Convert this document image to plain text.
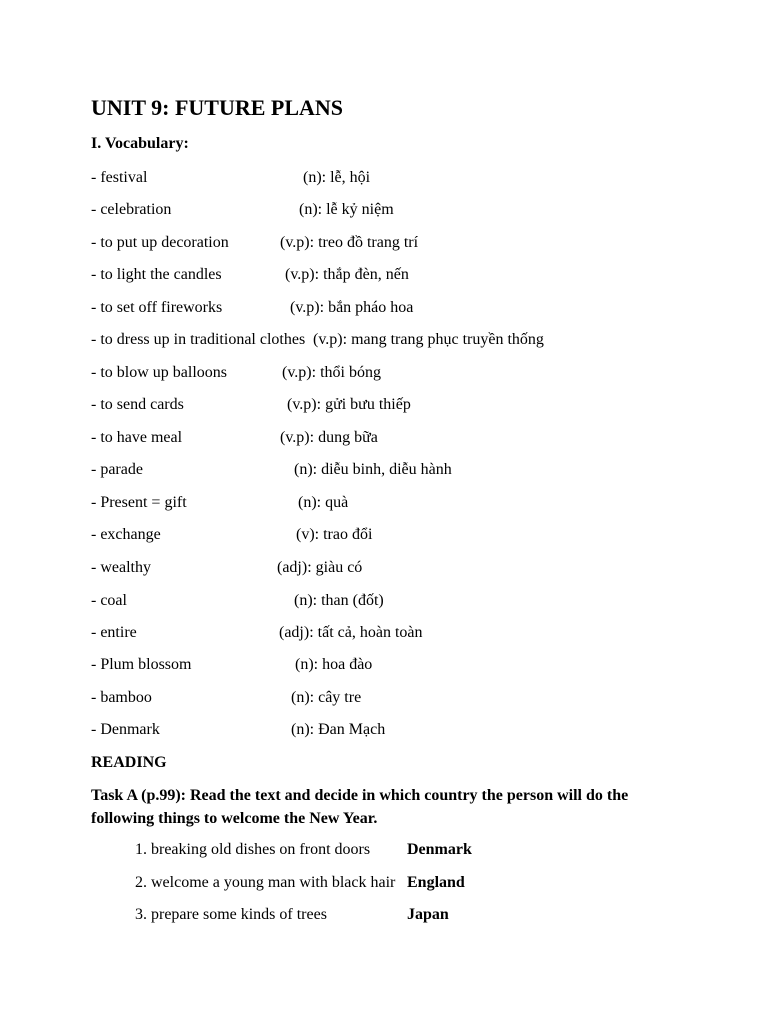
UNIT 9: FUTURE PLANS
I. Vocabulary:
- festival	(n): lễ, hội
- celebration	(n): lễ kỷ niệm
- to put up decoration	(v.p): treo đồ trang trí
- to light the candles	(v.p): thắp đèn, nến
- to set off fireworks	(v.p): bắn pháo hoa
- to dress up in traditional clothes (v.p): mang trang phục truyền thống
- to blow up balloons	(v.p): thổi bóng
- to send cards	(v.p): gửi bưu thiếp
- to have meal	(v.p): dung bữa
- parade	(n): diễu binh, diễu hành
- Present = gift	(n): quà
- exchange	(v): trao đổi
- wealthy	(adj): giàu có
- coal	(n): than (đốt)
- entire	(adj): tất cả, hoàn toàn
- Plum blossom	(n): hoa đào
- bamboo	(n): cây tre
- Denmark	(n): Đan Mạch
READING
Task A (p.99): Read the text and decide in which country the person will do the following things to welcome the New Year.
1. breaking old dishes on front doors Denmark
2. welcome a young man with black hair England
3. prepare some kinds of trees	Japan
